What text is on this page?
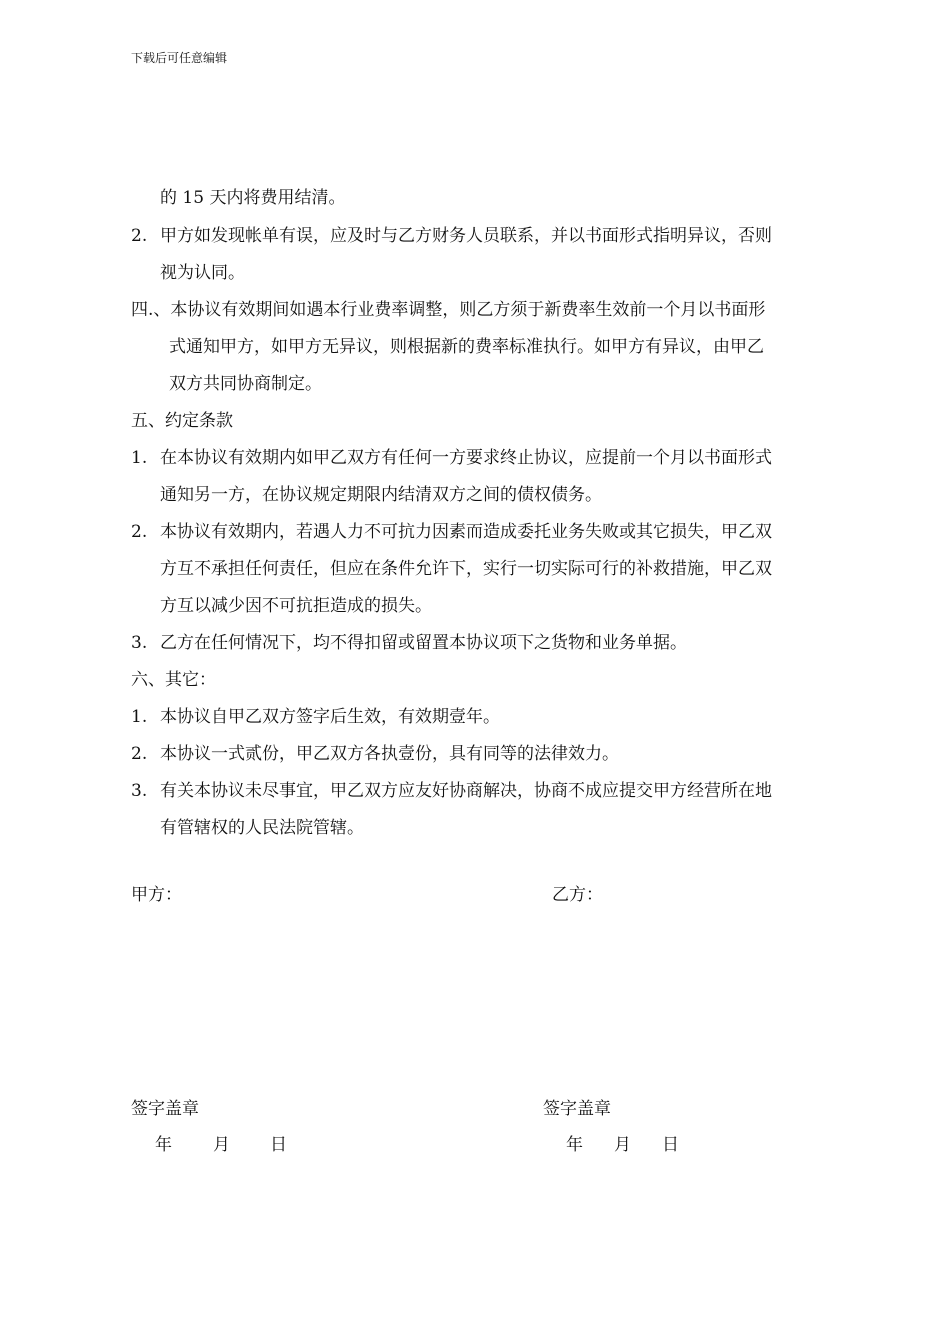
下载后可任意编辑
的 15 天内将费用结清。
2. 甲方如发现帐单有误，应及时与乙方财务人员联系，并以书面形式指明异议，否则
视为认同。
四.、本协议有效期间如遇本行业费率调整，则乙方须于新费率生效前一个月以书面形
式通知甲方，如甲方无异议，则根据新的费率标准执行。如甲方有异议，由甲乙
双方共同协商制定。
五、约定条款
1. 在本协议有效期内如甲乙双方有任何一方要求终止协议，应提前一个月以书面形式
通知另一方，在协议规定期限内结清双方之间的债权债务。
2. 本协议有效期内，若遇人力不可抗力因素而造成委托业务失败或其它损失，甲乙双
方互不承担任何责任，但应在条件允许下，实行一切实际可行的补救措施，甲乙双
方互以减少因不可抗拒造成的损失。
3. 乙方在任何情况下，均不得扣留或留置本协议项下之货物和业务单据。
六、其它：
1. 本协议自甲乙双方签字后生效，有效期壹年。
2. 本协议一式贰份，甲乙双方各执壹份，具有同等的法律效力。
3. 有关本协议未尽事宜，甲乙双方应友好协商解决，协商不成应提交甲方经营所在地
有管辖权的人民法院管辖。
甲方：	乙方：
签字盖章	签字盖章
年 月 日	年 月 日
